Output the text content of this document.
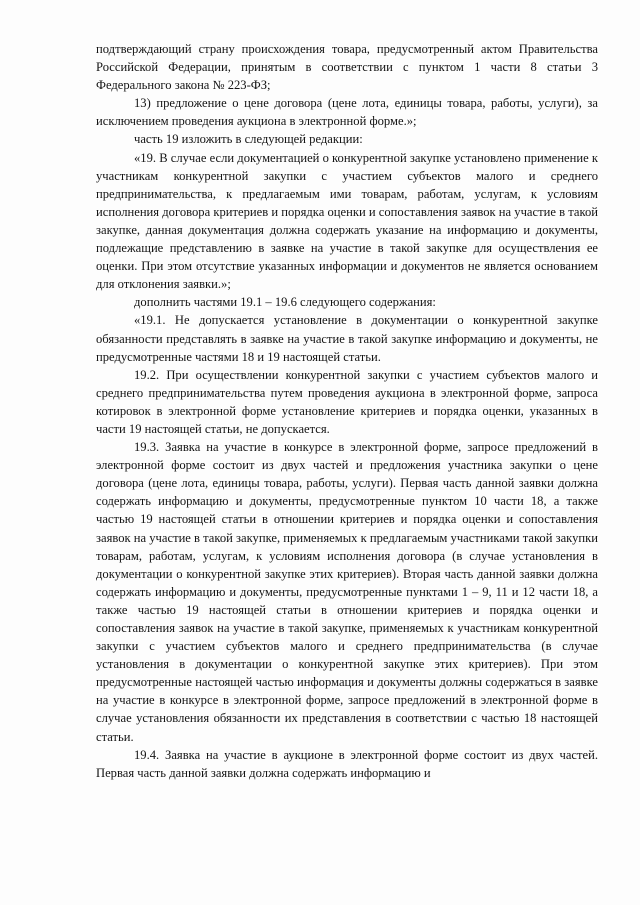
подтверждающий страну происхождения товара, предусмотренный актом Правительства Российской Федерации, принятым в соответствии с пунктом 1 части 8 статьи 3 Федерального закона № 223-ФЗ;

13) предложение о цене договора (цене лота, единицы товара, работы, услуги), за исключением проведения аукциона в электронной форме.»;

часть 19 изложить в следующей редакции:

«19. В случае если документацией о конкурентной закупке установлено применение к участникам конкурентной закупки с участием субъектов малого и среднего предпринимательства, к предлагаемым ими товарам, работам, услугам, к условиям исполнения договора критериев и порядка оценки и сопоставления заявок на участие в такой закупке, данная документация должна содержать указание на информацию и документы, подлежащие представлению в заявке на участие в такой закупке для осуществления ее оценки. При этом отсутствие указанных информации и документов не является основанием для отклонения заявки.»;

дополнить частями 19.1 – 19.6 следующего содержания:

«19.1. Не допускается установление в документации о конкурентной закупке обязанности представлять в заявке на участие в такой закупке информацию и документы, не предусмотренные частями 18 и 19 настоящей статьи.

19.2. При осуществлении конкурентной закупки с участием субъектов малого и среднего предпринимательства путем проведения аукциона в электронной форме, запроса котировок в электронной форме установление критериев и порядка оценки, указанных в части 19 настоящей статьи, не допускается.

19.3. Заявка на участие в конкурсе в электронной форме, запросе предложений в электронной форме состоит из двух частей и предложения участника закупки о цене договора (цене лота, единицы товара, работы, услуги). Первая часть данной заявки должна содержать информацию и документы, предусмотренные пунктом 10 части 18, а также частью 19 настоящей статьи в отношении критериев и порядка оценки и сопоставления заявок на участие в такой закупке, применяемых к предлагаемым участниками такой закупки товарам, работам, услугам, к условиям исполнения договора (в случае установления в документации о конкурентной закупке этих критериев). Вторая часть данной заявки должна содержать информацию и документы, предусмотренные пунктами 1 – 9, 11 и 12 части 18, а также частью 19 настоящей статьи в отношении критериев и порядка оценки и сопоставления заявок на участие в такой закупке, применяемых к участникам конкурентной закупки с участием субъектов малого и среднего предпринимательства (в случае установления в документации о конкурентной закупке этих критериев). При этом предусмотренные настоящей частью информация и документы должны содержаться в заявке на участие в конкурсе в электронной форме, запросе предложений в электронной форме в случае установления обязанности их представления в соответствии с частью 18 настоящей статьи.

19.4. Заявка на участие в аукционе в электронной форме состоит из двух частей. Первая часть данной заявки должна содержать информацию и
